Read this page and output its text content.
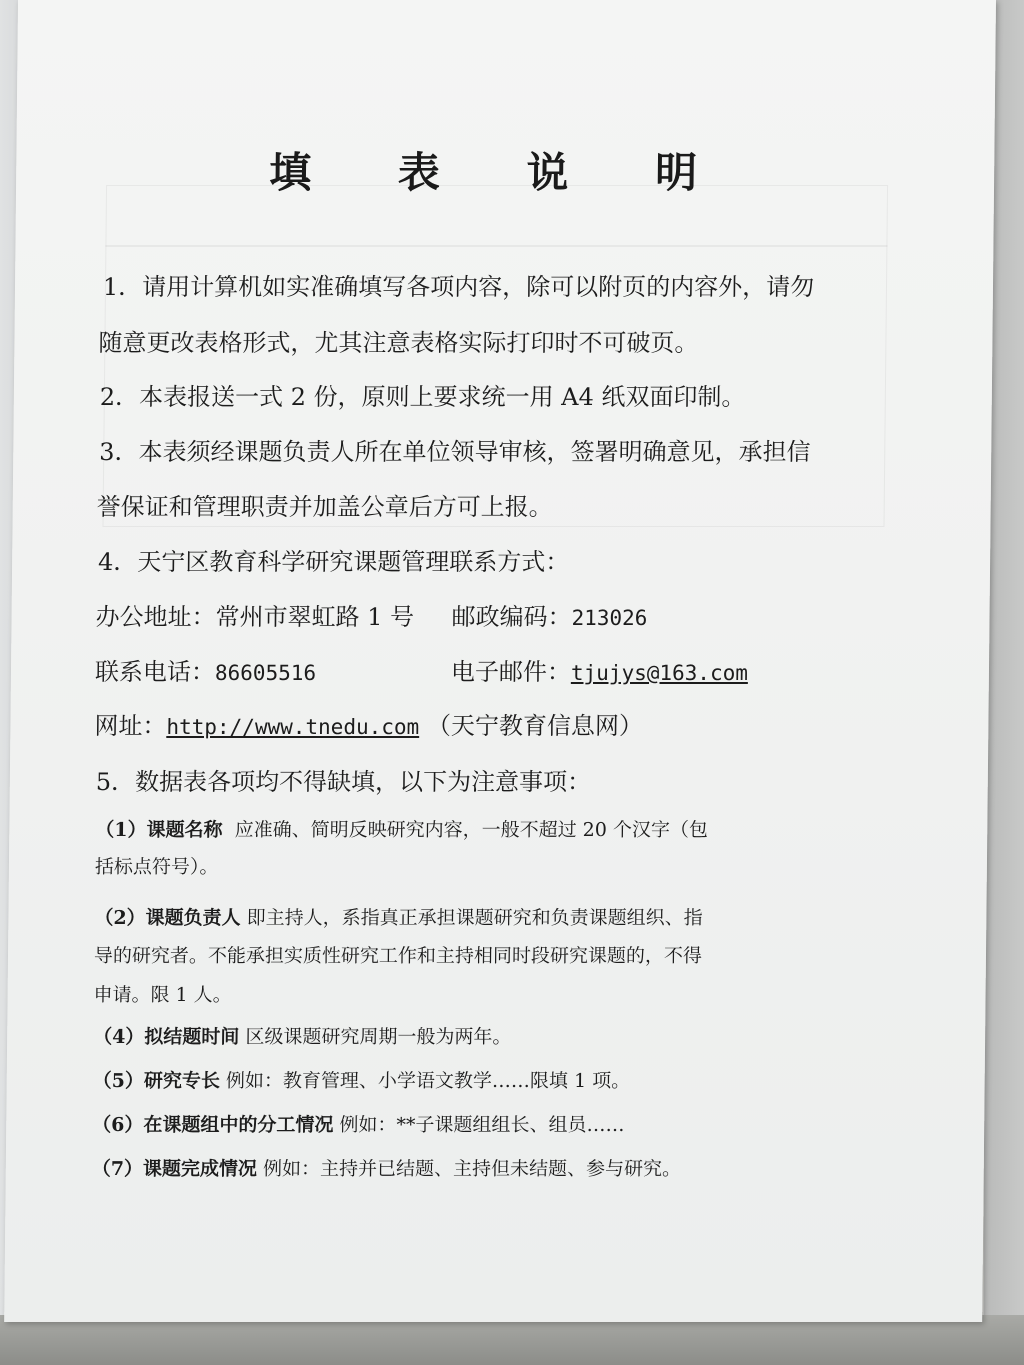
填 表 说 明
1．请用计算机如实准确填写各项内容，除可以附页的内容外，请勿
随意更改表格形式，尤其注意表格实际打印时不可破页。
2．本表报送一式 2 份，原则上要求统一用 A4 纸双面印制。
3．本表须经课题负责人所在单位领导审核，签署明确意见，承担信
誉保证和管理职责并加盖公章后方可上报。
4．天宁区教育科学研究课题管理联系方式：
办公地址：常州市翠虹路 1 号 邮政编码：213026
联系电话：86605516	电子邮件：tjujys@163.com
网址：http://www.tnedu.com （天宁教育信息网）
5．数据表各项均不得缺填，以下为注意事项：
（1）课题名称 应准确、简明反映研究内容，一般不超过 20 个汉字（包
括标点符号）。
（2）课题负责人 即主持人，系指真正承担课题研究和负责课题组织、指
导的研究者。不能承担实质性研究工作和主持相同时段研究课题的，不得
申请。限 1 人。
（4）拟结题时间 区级课题研究周期一般为两年。
（5）研究专长 例如：教育管理、小学语文教学……限填 1 项。
（6）在课题组中的分工情况 例如：**子课题组组长、组员……
（7）课题完成情况 例如：主持并已结题、主持但未结题、参与研究。
